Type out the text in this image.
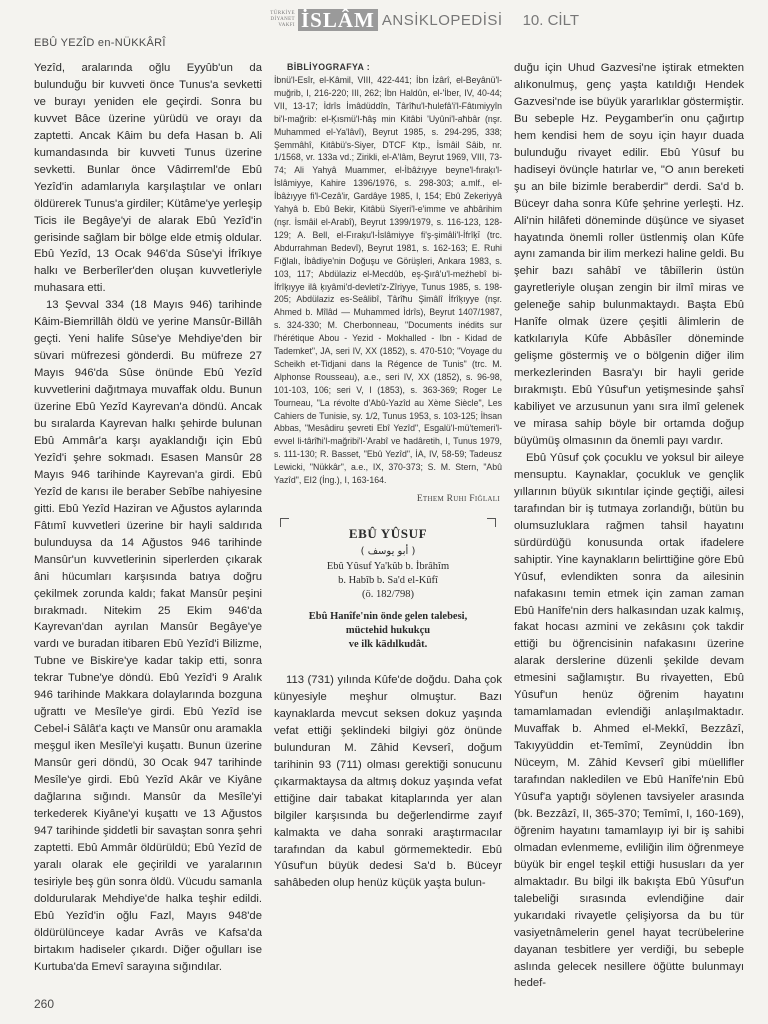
TÜRKİYE
DİYANET
VAKFI İSLÂM ANSİKLOPEDİSİ 10. CİLT
EBÛ YEZÎD en-NÜKKÂRÎ

Yezîd, aralarında oğlu Eyyûb'un da bulunduğu bir kuvveti önce Tunus'a sevketti ve burayı yeniden ele geçirdi. Sonra bu kuvvet Bâce üzerine yürüdü ve orayı da zaptetti. Ancak Kâim bu defa Hasan b. Ali kumandasında bir kuvveti Tunus üzerine sevketti. Bunlar önce Vâdirreml'de Ebû Yezîd'in adamlarıyla karşılaştılar ve onları öldürerek Tunus'a girdiler; Kütâme'ye yerleşip Ticis ile Begâye'yi de alarak Ebû Yezîd'in gerisinde sağlam bir bölge elde etmiş oldular. Ebû Yezîd, 13 Ocak 946'da Sûse'yi İfrîkıye halkı ve Berberîler'den oluşan kuvvetleriyle muhasara etti.

13 Şevval 334 (18 Mayıs 946) tarihinde Kâim-Biemrillâh öldü ve yerine Mansûr-Billâh geçti. Yeni halife Sûse'ye Mehdiye'den bir süvari müfrezesi gönderdi. Bu müfreze 27 Mayıs 946'da Sûse önünde Ebû Yezîd kuvvetlerini dağıtmaya muvaffak oldu. Bunun üzerine Ebû Yezîd Kayrevan'a döndü. Ancak bu sıralarda Kayrevan halkı şehirde bulunan Ebû Ammâr'a karşı ayaklandığı için Ebû Yezîd'i şehre sokmadı. Esasen Mansûr 28 Mayıs 946 tarihinde Kayrevan'a girdi. Ebû Yezîd de karısı ile beraber Sebîbe nahiyesine gitti. Ebû Yezîd Haziran ve Ağustos aylarında Fâtımî kuvvetleri üzerine bir hayli saldırıda bulunduysa da 14 Ağustos 946 tarihinde Mansûr'un kuvvetlerinin siperlerden çıkarak âni hücumları karşısında batıya doğru çekilmek zorunda kaldı; fakat Mansûr peşini bırakmadı. Nitekim 25 Ekim 946'da Kayrevan'dan ayrılan Mansûr Begâye'ye vardı ve buradan itibaren Ebû Yezîd'i Bilizme, Tubne ve Biskire'ye kadar takip etti, sonra tekrar Tubne'ye döndü. Ebû Yezîd'i 9 Aralık 946 tarihinde Makkara dolaylarında bozguna uğrattı ve Mesîle'ye girdi. Ebû Yezîd ise Cebel-i Sâlât'a kaçtı ve Mansûr onu aramakla meşgul iken Mesîle'yi kuşattı. Bunun üzerine Mansûr geri döndü, 30 Ocak 947 tarihinde Mesîle'ye girdi. Ebû Yezîd Akâr ve Kiyâne dağlarına sığındı. Mansûr da Mesîle'yi terkederek Kiyâne'yi kuşattı ve 13 Ağustos 947 tarihinde şiddetli bir savaştan sonra şehri zaptetti. Ebû Ammâr öldürüldü; Ebû Yezîd de yaralı olarak ele geçirildi ve yaralarının tesiriyle beş gün sonra öldü. Vücudu samanla doldurularak Mehdiye'de halka teşhir edildi. Ebû Yezîd'in oğlu Fazl, Mayıs 948'de öldürülünceye kadar Avrâs ve Kafsa'da birtakım hadiseler çıkardı. Diğer oğulları ise Kurtuba'da Emevî sarayına sığındılar.

BİBLİYOGRAFYA :

İbnü'l-Esîr, el-Kâmil, VIII, 422-441; İbn İzârî, el-Beyânü'l-muğrib, I, 216-220; III, 262; İbn Haldûn, el-'İber, IV, 40-44; VII, 13-17; İdrîs İmâdüddîn, Târîħu'l-ħulefâ'i'l-Fâtımiyyîn bi'l-mağrib: el-Ķısmü'l-ħâş min Kitâbi 'Uyûni'l-aħbâr (nşr. Muhammed el-Ya'lâvî), Beyrut 1985, s. 294-295, 338; Şemmâhî, Kitâbü's-Siyer, DTCF Ktp., İsmâil Sâib, nr. 1/1568, vr. 133a vd.; Zirikli, el-A'lâm, Beyrut 1969, VIII, 73-74; Ali Yahyâ Muammer, el-İbâżıyye beyne'l-fıraķı'l-İslâmiyye, Kahire 1396/1976, s. 298-303; a.mlf., el-İbâżıyye fi'l-Cezâ'ir, Gardâye 1985, I, 154; Ebû Zekeriyyâ Yahyâ b. Ebû Bekir, Kitâbü Siyeri'l-e'imme ve aħbârihim (nşr. İsmâil el-Arabî), Beyrut 1399/1979, s. 116-123, 128-129; A. Bell, el-Fıraķu'l-İslâmiyye fi'ş-şimâli'l-İfrîķī (trc. Abdurrahman Bedevî), Beyrut 1981, s. 162-163; E. Ruhi Fığlalı, İbâdiye'nin Doğuşu ve Görüşleri, Ankara 1983, s. 103, 117; Abdülaziz el-Mecdûb, eş-Şırâ'u'l-meźhebî bi-İfrîķıyye ilâ ķıyâmi'd-devleti'z-Zîriyye, Tunus 1985, s. 198-205; Abdülaziz es-Seâlibî, Târîħu Şimâlî İfrîķıyye (nşr. Ahmed b. Mîlâd — Muhammed İdrîs), Beyrut 1407/1987, s. 324-330; M. Cherbonneau, "Documents inédits sur l'hérétique Abou - Yezid - Mokhalled - Ibn - Kidad de Tademket", JA, seri IV, XX (1852), s. 470-510; "Voyage du Scheikh et-Tidjani dans la Régence de Tunis" (trc. M. Alphonse Rousseau), a.e., seri IV, XX (1852), s. 96-98, 101-103, 106; seri V, I (1853), s. 363-369; Roger Le Tourneau, "La révolte d'Abû-Yazîd au Xème Siècle", Les Cahiers de Tunisie, sy. 1/2, Tunus 1953, s. 103-125; İhsan Abbas, "Mesâdiru şevreti Ebî Yezîd", Esgalü'l-mü'temeri'l-evvel li-târîħi'l-mağribi'l-'Arabî ve ħadâretih, I, Tunus 1979, s. 111-130; R. Basset, "Ebû Yezîd", İA, IV, 58-59; Tadeusz Lewicki, "Nükkâr", a.e., IX, 370-373; S. M. Stern, "Abû Yazîd", EI2 (İng.), I, 163-164.

Ethem Ruhi Fığlalı
EBÛ YÛSUF
( أبو يوسف )
Ebû Yûsuf Ya'kûb b. İbrâhîm
b. Habîb b. Sa'd el-Kûfî
(ö. 182/798)
Ebû Hanîfe'nin önde gelen talebesi,
müctehid hukukçu
ve ilk kādılkudât.

113 (731) yılında Kûfe'de doğdu. Daha çok künyesiyle meşhur olmuştur. Bazı kaynaklarda mevcut seksen dokuz yaşında vefat ettiği şeklindeki bilgiyi göz önünde bulunduran M. Zâhid Kevserî, doğum tarihinin 93 (711) olması gerektiği sonucunu çıkarmaktaysa da altmış dokuz yaşında vefat ettiğine dair tabakat kitaplarında yer alan bilgiler karşısında bu değerlendirme zayıf kalmakta ve daha sonraki araştırmacılar tarafından da kabul görmemektedir. Ebû Yûsuf'un büyük dedesi Sa'd b. Büceyr sahâbeden olup henüz küçük yaşta bulun-

duğu için Uhud Gazvesi'ne iştirak etmekten alıkonulmuş, genç yaşta katıldığı Hendek Gazvesi'nde ise büyük yararlıklar göstermiştir. Bu sebeple Hz. Peygamber'in onu çağırtıp hem kendisi hem de soyu için hayır duada bulunduğu rivayet edilir. Ebû Yûsuf bu hadiseyi övünçle hatırlar ve, "O anın bereketi şu an bile bizimle beraberdir" derdi. Sa'd b. Büceyr daha sonra Kûfe şehrine yerleşti. Hz. Ali'nin hilâfeti döneminde düşünce ve siyaset hayatında önemli roller üstlenmiş olan Kûfe aynı zamanda bir ilim merkezi haline geldi. Bu şehir bazı sahâbî ve tâbiîlerin üstün gayretleriyle oluşan zengin bir ilmî miras ve geleneğe sahip bulunmaktaydı. Başta Ebû Hanîfe olmak üzere çeşitli âlimlerin de katkılarıyla Kûfe Abbâsîler döneminde gelişme göstermiş ve o bölgenin diğer ilim merkezlerinden Basra'yı bir hayli geride bırakmıştı. Ebû Yûsuf'un yetişmesinde şahsî kabiliyet ve arzusunun yanı sıra ilmî gelenek ve mirasa sahip böyle bir ortamda doğup büyümüş olmasının da önemli payı vardır.

Ebû Yûsuf çok çocuklu ve yoksul bir aileye mensuptu. Kaynaklar, çocukluk ve gençlik yıllarının büyük sıkıntılar içinde geçtiği, ailesi tarafından bir iş tutmaya zorlandığı, bütün bu olumsuzluklara rağmen tahsil hayatını sürdürdüğü konusunda ortak ifadelere sahiptir. Yine kaynakların belirttiğine göre Ebû Yûsuf, evlendikten sonra da ailesinin nafakasını temin etmek için zaman zaman Ebû Hanîfe'nin ders halkasından uzak kalmış, fakat hocası azmini ve zekâsını çok takdir ettiği bu öğrencisinin nafakasını üzerine alarak derslerine düzenli şekilde devam etmesini sağlamıştır. Bu rivayetten, Ebû Yûsuf'un henüz öğrenim hayatını tamamlamadan evlendiği anlaşılmaktadır. Muvaffak b. Ahmed el-Mekkî, Bezzâzî, Takıyyüddin et-Temîmî, Zeynüddin İbn Nüceym, M. Zâhid Kevserî gibi müellifler tarafından nakledilen ve Ebû Hanîfe'nin Ebû Yûsuf'a yaptığı söylenen tavsiyeler arasında (bk. Bezzâzî, II, 365-370; Temîmî, I, 160-169), öğrenim hayatını tamamlayıp iyi bir iş sahibi olmadan evlenmeme, evliliğin ilim öğrenmeye büyük bir engel teşkil ettiği hususları da yer almaktadır. Bu bilgi ilk bakışta Ebû Yûsuf'un talebeliği sırasında evlendiğine dair yukarıdaki rivayetle çelişiyorsa da bu tür vasiyetnâmelerin genel hayat tecrübelerine dayanan tesbitlere yer verdiği, bu sebeple aslında gelecek nesillere öğütte bulunmayı hedef-

260
